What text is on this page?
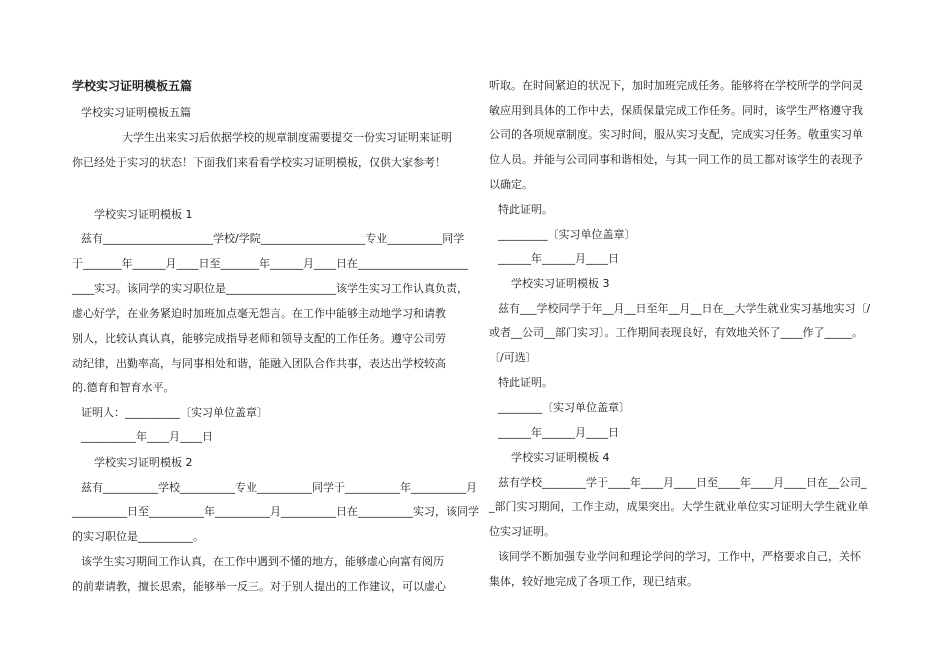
学校实习证明模板五篇
学校实习证明模板五篇
大学生出来实习后依据学校的规章制度需要提交一份实习证明来证明
你已经处于实习的状态！下面我们来看看学校实习证明模板，仅供大家参考！
学校实习证明模板 1
兹有____________________学校/学院___________________专业__________同学
于_______年______月____日至_______年______月____日在____________________
____实习。该同学的实习职位是____________________该学生实习工作认真负责，
虚心好学，在业务紧迫时加班加点毫无怨言。在工作中能够主动地学习和请教
别人，比较认真认真，能够完成指导老师和领导支配的工作任务。遵守公司劳
动纪律，出勤率高，与同事相处和谐，能融入团队合作共事，表达出学校较高
的.德育和智育水平。
证明人：__________〔实习单位盖章〕
__________年____月____日
学校实习证明模板 2
兹有__________学校__________专业__________同学于__________年__________月
__________日至__________年__________月__________日在__________实习，该同学
的实习职位是__________。
该学生实习期间工作认真，在工作中遇到不懂的地方，能够虚心向富有阅历
的前辈请教，擅长思索，能够举一反三。对于别人提出的工作建议，可以虚心
听取。在时间紧迫的状况下，加时加班完成任务。能够将在学校所学的学问灵
敏应用到具体的工作中去，保质保量完成工作任务。同时，该学生严格遵守我
公司的各项规章制度。实习时间，服从实习支配，完成实习任务。敬重实习单
位人员。并能与公司同事和谐相处，与其一同工作的员工都对该学生的表现予
以确定。
特此证明。
_________〔实习单位盖章〕
______年______月____日
学校实习证明模板 3
兹有___学校同学于年__月__日至年__月__日在__大学生就业实习基地实习〔/
或者__公司__部门实习〕。工作期间表现良好，有效地关怀了____作了_____。
〔/可选〕
特此证明。
________〔实习单位盖章〕
______年______月____日
学校实习证明模板 4
兹有学校________学于____年____月____日至____年____月____日在__公司_
_部门实习期间，工作主动，成果突出。大学生就业单位实习证明大学生就业单
位实习证明。
该同学不断加强专业学问和理论学问的学习，工作中，严格要求自己，关怀
集体，较好地完成了各项工作，现已结束。
